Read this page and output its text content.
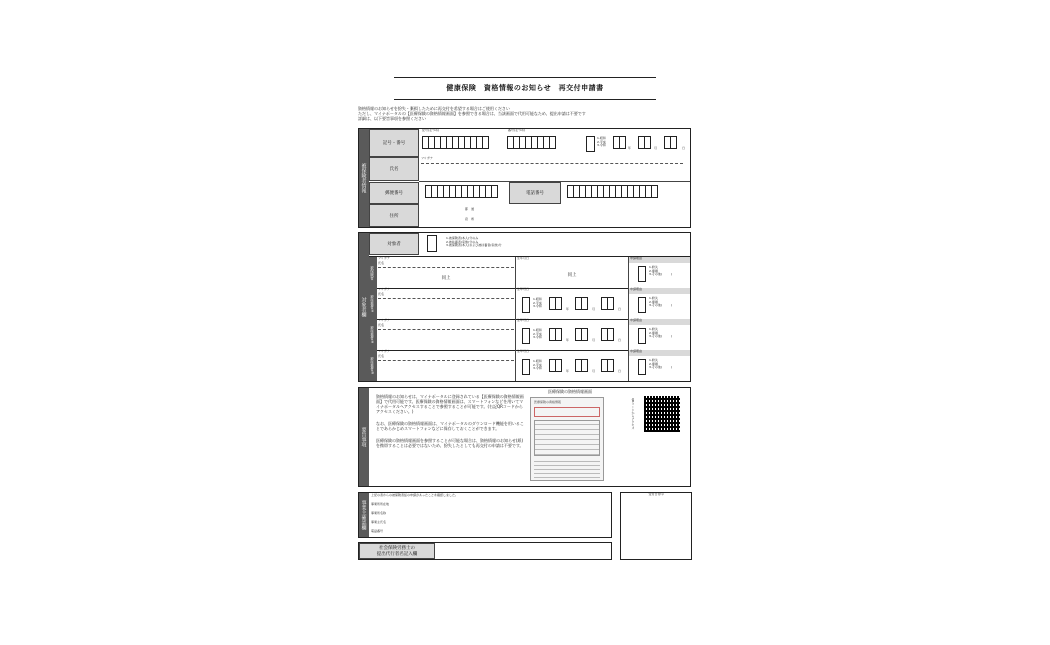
健康保険　資格情報のお知らせ　再交付申請書
資格情報のお知らせを紛失・棄損したために再交付を希望する場合はご使用ください
ただし、マイナポータルの【医療保険の資格情報画面】を参照できる場合は、当該画面で代用可能なため、提出申請は不要です
詳細は、以下要旨事項を参照ください
被保険者情報
記号・番号
記号(左づめ)	番号(左づめ)
1.昭和
2.平成
3.令和
年	月	日
氏名
フリガナ
郵便番号	電話番号
住所
都　道
府　県
対象者欄
対象者
1.被保険者(本人)分のみ
2.被扶養者(家族)分のみ
3.被保険者(本人)および被扶養者(家族)分
被保険者
フリガナ
氏名
同上
生年月日
同上
申請理由
1.紛失
2.棄損
3.その他(　　　)
被扶養者①
フリガナ
氏名
生年月日
1.昭和
2.平成
3.令和
年	月	日
申請理由
1.紛失
2.棄損
3.その他(　　　)
被扶養者②
フリガナ
氏名
生年月日
1.昭和
2.平成
3.令和
年	月	日
申請理由
1.紛失
2.棄損
3.その他(　　　)
被扶養者③
フリガナ
氏名
生年月日
1.昭和
2.平成
3.令和
年	月	日
申請理由
1.紛失
2.棄損
3.その他(　　　)
要旨事項
資格情報のお知らせは、マイナポータルに登録されている【医療保険の資格情報画面】で代用可能です。医療保険の資格情報画面は、スマートフォンなどを用いてマイナポータルへアクセスすることで参照することが可能です。(右記QRコードからアクセスください。)
なお、医療保険の資格情報画面は、マイナポータルのダウンロード機能を用いることであらかじめスマートフォンなどに保存しておくことができます。
医療保険の資格情報画面を参照することが可能な場合は、資格情報のお知らせ(紙)を携帯することは必要ではないため、紛失したとしても再交付の申請は不要です。
医療保険の資格情報画面
医療保険の資格情報	QRコードからアクセス
事業主確認欄
上記の者からの被保険者証の申請があったことを確認しました。
事業所所在地
事業所名称
事業主氏名
電話番号
受付日付印
社会保険労務士の
提出代行者名記入欄
